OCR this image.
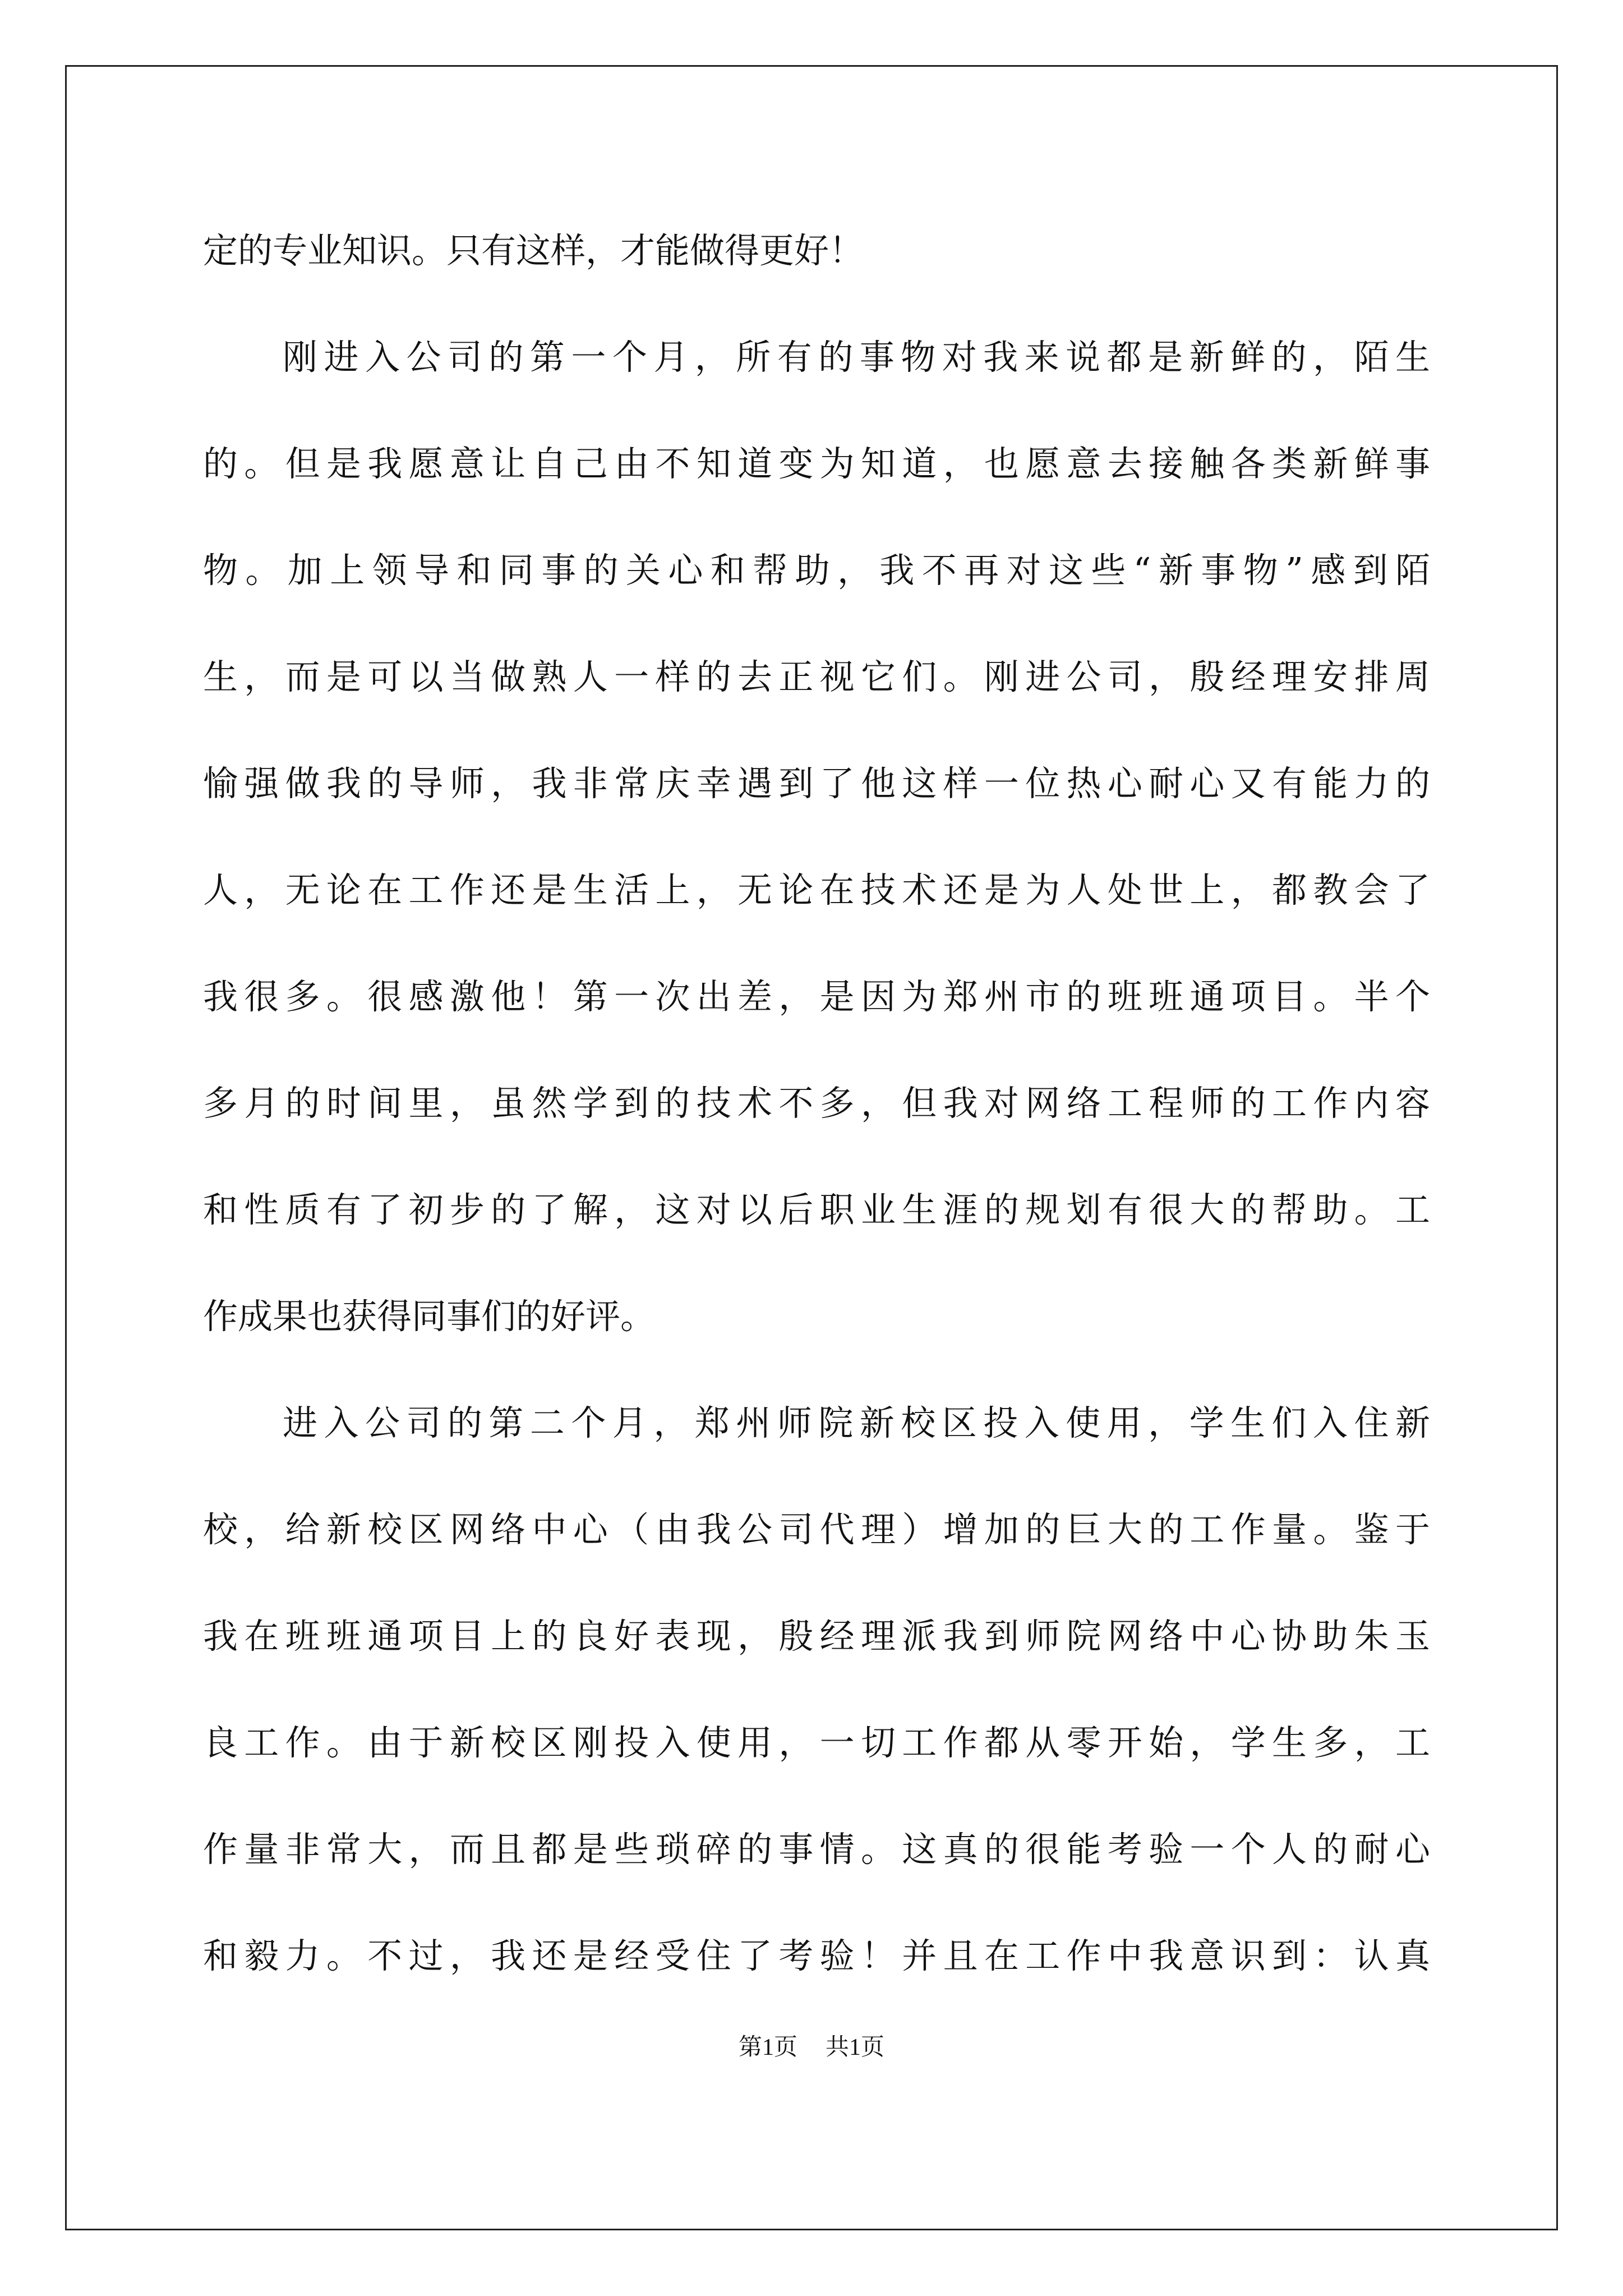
定的专业知识。只有这样，才能做得更好！
刚进入公司的第一个月，所有的事物对我来说都是新鲜的，陌生
的。但是我愿意让自己由不知道变为知道，也愿意去接触各类新鲜事
物。加上领导和同事的关心和帮助，我不再对这些“新事物”感到陌
生，而是可以当做熟人一样的去正视它们。刚进公司，殷经理安排周
愉强做我的导师，我非常庆幸遇到了他这样一位热心耐心又有能力的
人，无论在工作还是生活上，无论在技术还是为人处世上，都教会了
我很多。很感激他！第一次出差，是因为郑州市的班班通项目。半个
多月的时间里，虽然学到的技术不多，但我对网络工程师的工作内容
和性质有了初步的了解，这对以后职业生涯的规划有很大的帮助。工
作成果也获得同事们的好评。
进入公司的第二个月，郑州师院新校区投入使用，学生们入住新
校，给新校区网络中心（由我公司代理）增加的巨大的工作量。鉴于
我在班班通项目上的良好表现，殷经理派我到师院网络中心协助朱玉
良工作。由于新校区刚投入使用，一切工作都从零开始，学生多，工
作量非常大，而且都是些琐碎的事情。这真的很能考验一个人的耐心
和毅力。不过，我还是经受住了考验！并且在工作中我意识到：认真
第1页 共1页
